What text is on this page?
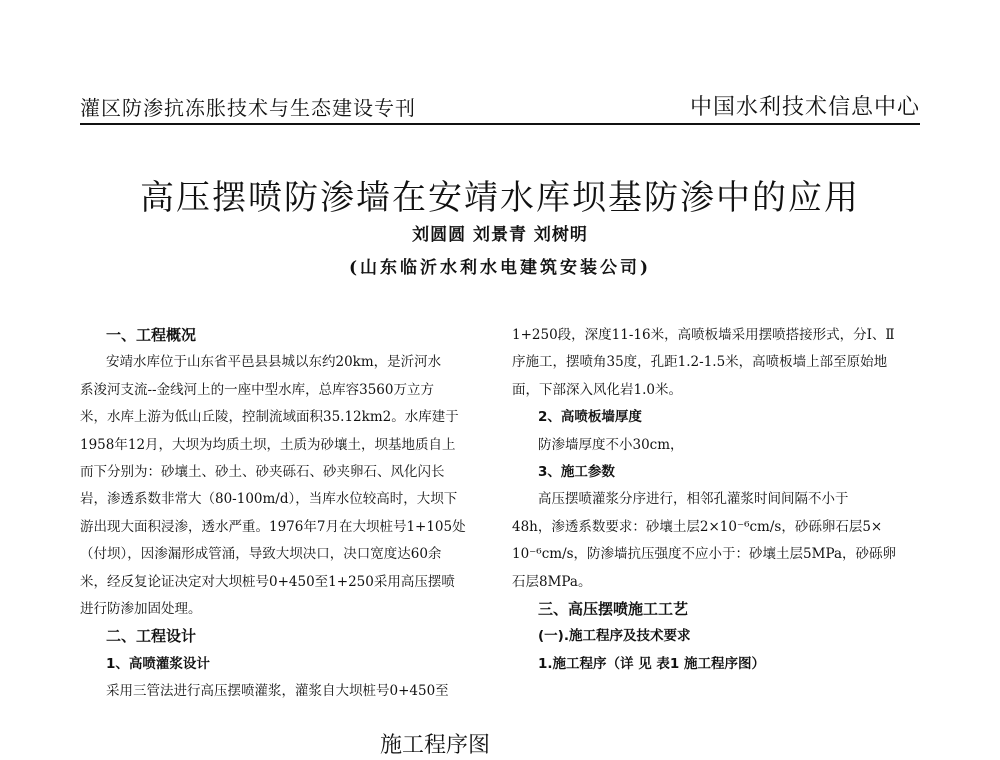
灌区防渗抗冻胀技术与生态建设专刊	中国水利技术信息中心
高压摆喷防渗墙在安靖水库坝基防渗中的应用
刘圆圆 刘景青 刘树明
(山东临沂水利水电建筑安装公司)
一、工程概况
安靖水库位于山东省平邑县县城以东约20km，是沂河水
系浚河支流--金线河上的一座中型水库，总库容3560万立方
米，水库上游为低山丘陵，控制流域面积35.12km2。水库建于
1958年12月，大坝为均质土坝，土质为砂壤土，坝基地质自上
而下分别为：砂壤土、砂土、砂夹砾石、砂夹卵石、风化闪长
岩，渗透系数非常大（80-100m/d），当库水位较高时，大坝下
游出现大面积浸渗，透水严重。1976年7月在大坝桩号1+105处
（付坝），因渗漏形成管涌，导致大坝决口，决口宽度达60余
米，经反复论证决定对大坝桩号0+450至1+250采用高压摆喷
进行防渗加固处理。
二、工程设计
1、高喷灌浆设计
采用三管法进行高压摆喷灌浆，灌浆自大坝桩号0+450至
1+250段，深度11-16米，高喷板墙采用摆喷搭接形式，分Ⅰ、Ⅱ
序施工，摆喷角35度，孔距1.2-1.5米，高喷板墙上部至原始地
面，下部深入风化岩1.0米。
2、高喷板墙厚度
防渗墙厚度不小30cm，
3、施工参数
高压摆喷灌浆分序进行，相邻孔灌浆时间间隔不小于
48h，渗透系数要求：砂壤土层2×10⁻⁶cm/s，砂砾卵石层5×
10⁻⁶cm/s，防渗墙抗压强度不应小于：砂壤土层5MPa，砂砾卵
石层8MPa。
三、高压摆喷施工工艺
(一).施工程序及技术要求
1.施工程序（详 见 表1 施工程序图）
施工程序图
